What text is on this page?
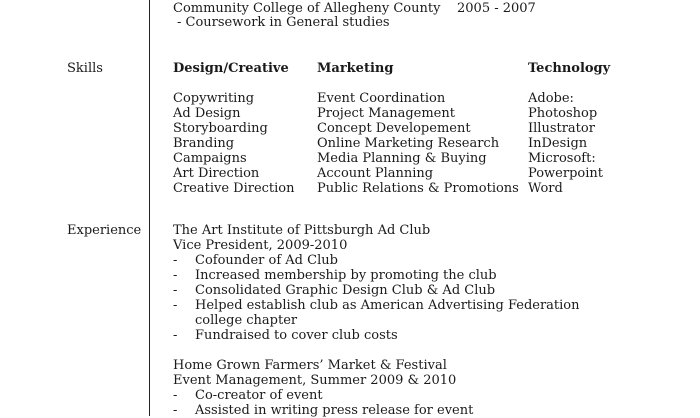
Community College of Allegheny County 2005 - 2007
- Coursework in General studies
Skills	Design/Creative Marketing	Technology
Copywriting
Ad Design
Storyboarding
Branding
Campaigns
Art Direction
Creative Direction
Event Coordination
Project Management
Concept Developement
Online Marketing Research
Media Planning & Buying
Account Planning
Public Relations & Promotions
Adobe:
Photoshop
Illustrator
InDesign
Microsoft:
Powerpoint
Word
Experience The Art Institute of Pittsburgh Ad Club
Vice President, 2009-2010
- Cofounder of Ad Club
- Increased membership by promoting the club
- Consolidated Graphic Design Club & Ad Club
- Helped establish club as American Advertising Federation
college chapter
- Fundraised to cover club costs
Home Grown Farmers’ Market & Festival
Event Management, Summer 2009 & 2010
- Co-creator of event
- Assisted in writing press release for event
